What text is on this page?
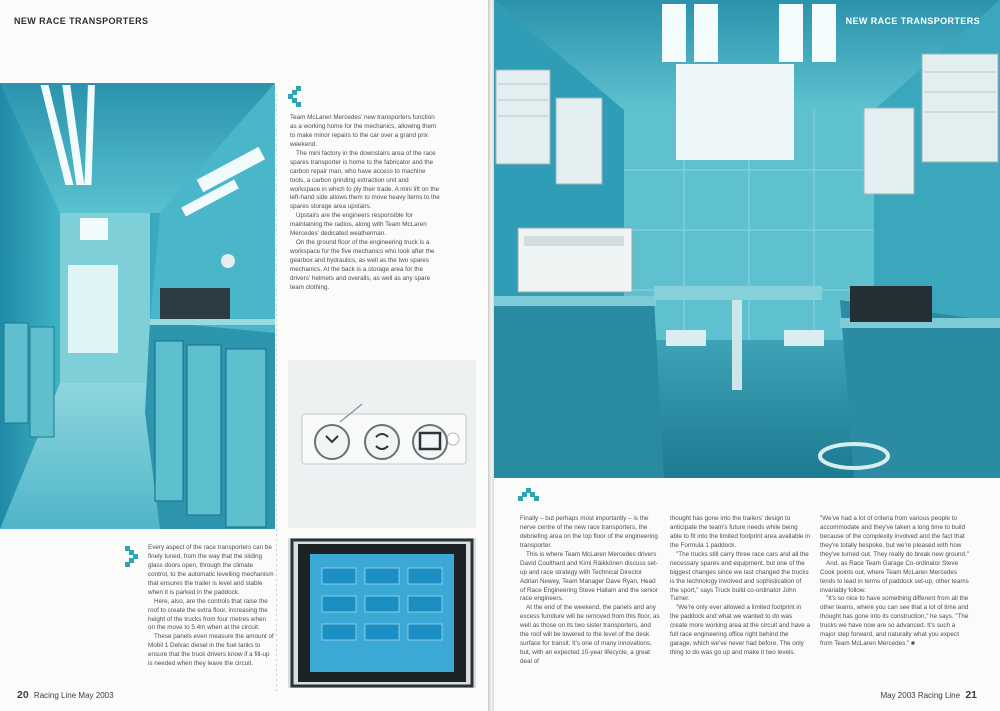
NEW RACE TRANSPORTERS

Team McLaren Mercedes' new transporters function as a working home for the mechanics, allowing them to make minor repairs to the car over a grand prix weekend.

The mini factory in the downstairs area of the race spares transporter is home to the fabricator and the carbon repair man, who have access to machine tools, a carbon grinding extraction unit and workspace in which to ply their trade. A mini lift on the left-hand side allows them to move heavy items to the spares storage area upstairs.

Upstairs are the engineers responsible for maintaining the radios, along with Team McLaren Mercedes' dedicated weatherman.

On the ground floor of the engineering truck is a workspace for the five mechanics who look after the gearbox and hydraulics, as well as the two spares mechanics. At the back is a storage area for the drivers' helmets and overalls, as well as any spare team clothing.

Every aspect of the race transporters can be finely tuned, from the way that the sliding glass doors open, through the climate control, to the automatic levelling mechanism that ensures the trailer is level and stable when it is parked in the paddock.

Here, also, are the controls that raise the roof to create the extra floor, increasing the height of the trucks from four metres when on the move to 5.4m when at the circuit.

These panels even measure the amount of Mobil 1 Delvac diesel in the fuel tanks to ensure that the truck drivers know if a fill-up is needed when they leave the circuit.

20 Racing Line May 2003
NEW RACE TRANSPORTERS

Finally – but perhaps most importantly – is the nerve centre of the new race transporters, the debriefing area on the top floor of the engineering transporter.

This is where Team McLaren Mercedes drivers David Coulthard and Kimi Räikkönen discuss set-up and race strategy with Technical Director Adrian Newey, Team Manager Dave Ryan, Head of Race Engineering Steve Hallam and the senior race engineers.

At the end of the weekend, the panels and any excess furniture will be removed from this floor, as well as those on its two sister transporters, and the roof will be lowered to the level of the desk surface for transit. It's one of many innovations, but, with an expected 10-year lifecycle, a great deal of

thought has gone into the trailers' design to anticipate the team's future needs while being able to fit into the limited footprint area available in the Formula 1 paddock.

"The trucks still carry three race cars and all the necessary spares and equipment, but one of the biggest changes since we last changed the trucks is the technology involved and sophistication of the sport," says Truck build co-ordinator John Turner.

"We're only ever allowed a limited footprint in the paddock and what we wanted to do was create more working area at the circuit and have a full race engineering office right behind the garage, which we've never had before. The only thing to do was go up and make it two levels.

"We've had a lot of criteria from various people to accommodate and they've taken a long time to build because of the complexity involved and the fact that they're totally bespoke, but we're pleased with how they've turned out. They really do break new ground."

And, as Race Team Garage Co-ordinator Steve Cook points out, where Team McLaren Mercedes tends to lead in terms of paddock set-up, other teams invariably follow.

"It's so nice to have something different from all the other teams, where you can see that a lot of time and thought has gone into its construction," he says. "The trucks we have now are so advanced. It's such a major step forward, and naturally what you expect from Team McLaren Mercedes." ■

May 2003 Racing Line 21
